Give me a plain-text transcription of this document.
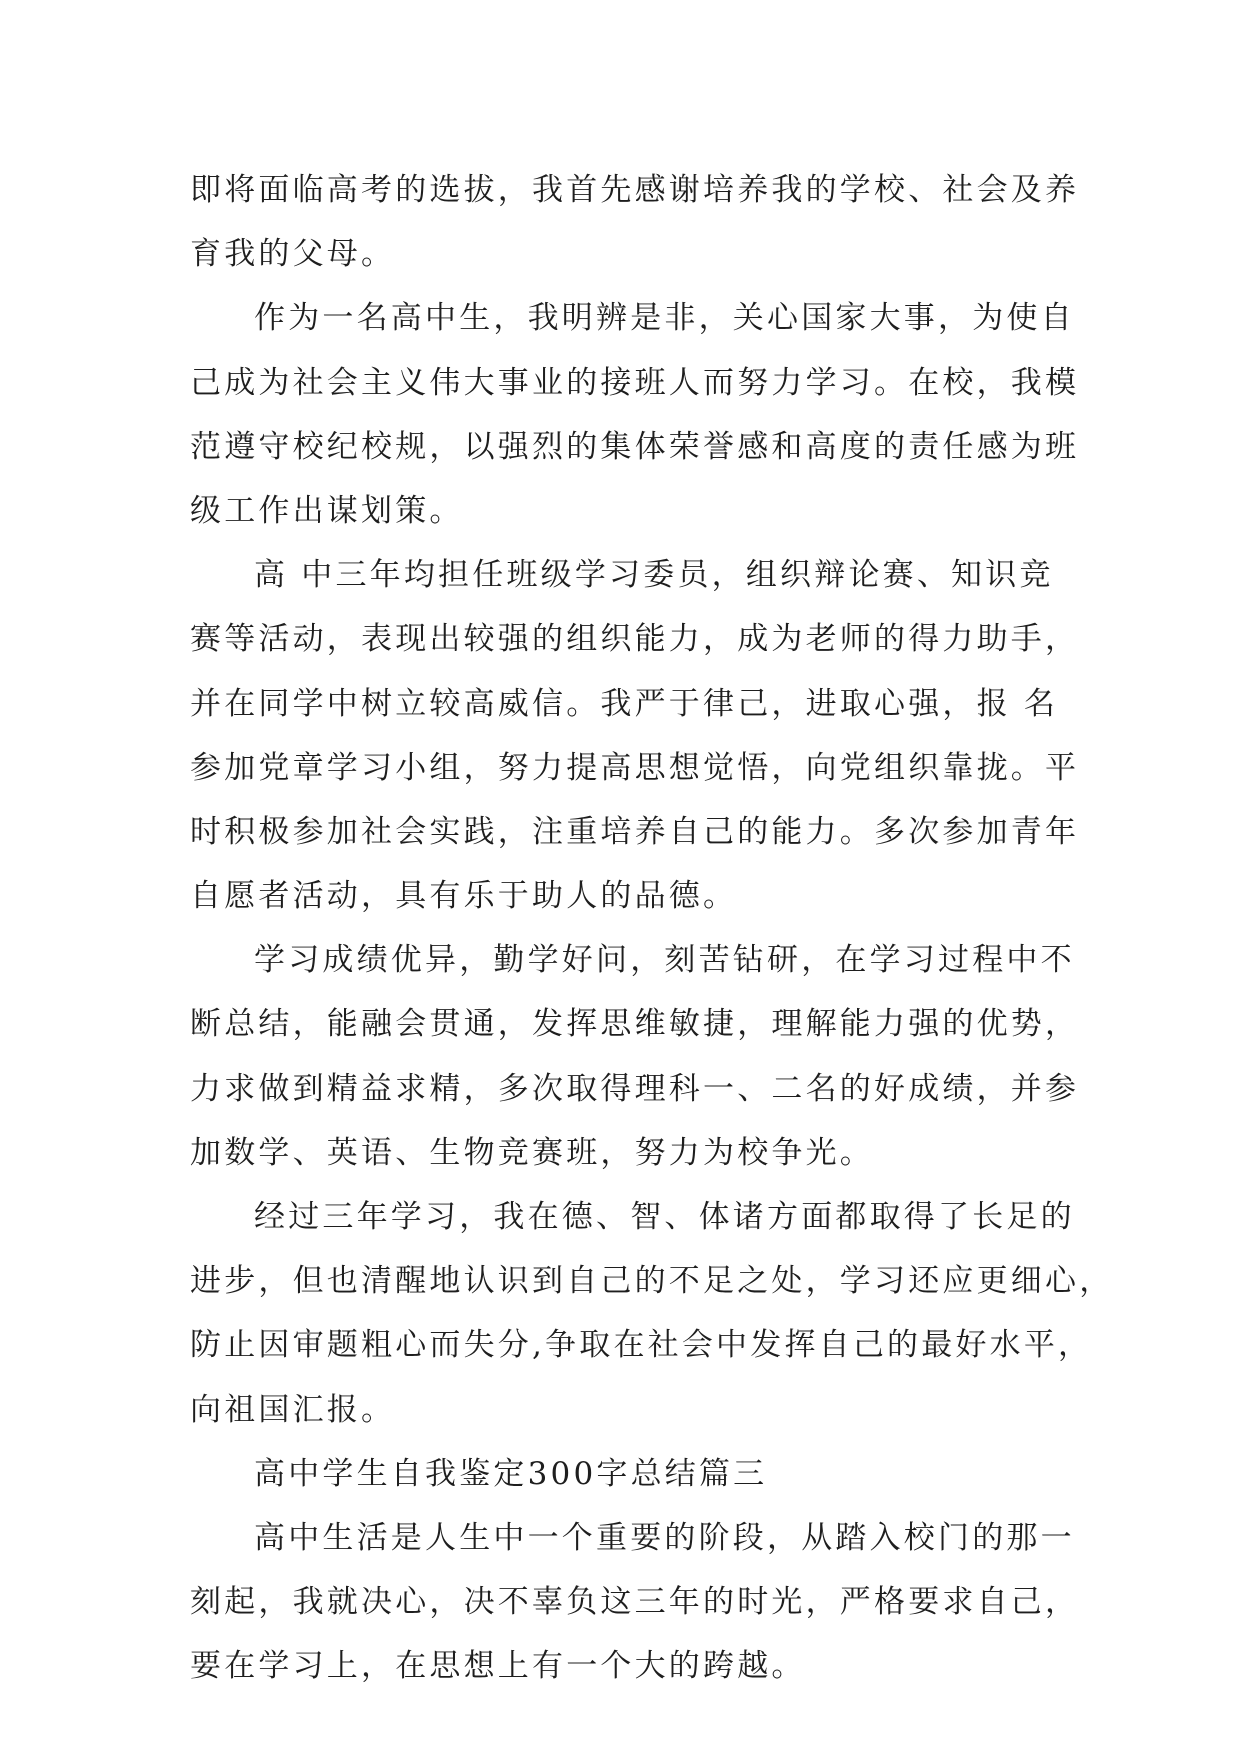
即将面临高考的选拔，我首先感谢培养我的学校、社会及养
育我的父母。
作为一名高中生，我明辨是非，关心国家大事，为使自
己成为社会主义伟大事业的接班人而努力学习。在校，我模
范遵守校纪校规，以强烈的集体荣誉感和高度的责任感为班
级工作出谋划策。
高 中三年均担任班级学习委员，组织辩论赛、知识竞
赛等活动，表现出较强的组织能力，成为老师的得力助手，
并在同学中树立较高威信。我严于律己，进取心强，报 名
参加党章学习小组，努力提高思想觉悟，向党组织靠拢。平
时积极参加社会实践，注重培养自己的能力。多次参加青年
自愿者活动，具有乐于助人的品德。
学习成绩优异，勤学好问，刻苦钻研，在学习过程中不
断总结，能融会贯通，发挥思维敏捷，理解能力强的优势，
力求做到精益求精，多次取得理科一、二名的好成绩，并参
加数学、英语、生物竞赛班，努力为校争光。
经过三年学习，我在德、智、体诸方面都取得了长足的
进步，但也清醒地认识到自己的不足之处，学习还应更细心，
防止因审题粗心而失分,争取在社会中发挥自己的最好水平，
向祖国汇报。
高中学生自我鉴定300字总结篇三
高中生活是人生中一个重要的阶段，从踏入校门的那一
刻起，我就决心，决不辜负这三年的时光，严格要求自己，
要在学习上，在思想上有一个大的跨越。
